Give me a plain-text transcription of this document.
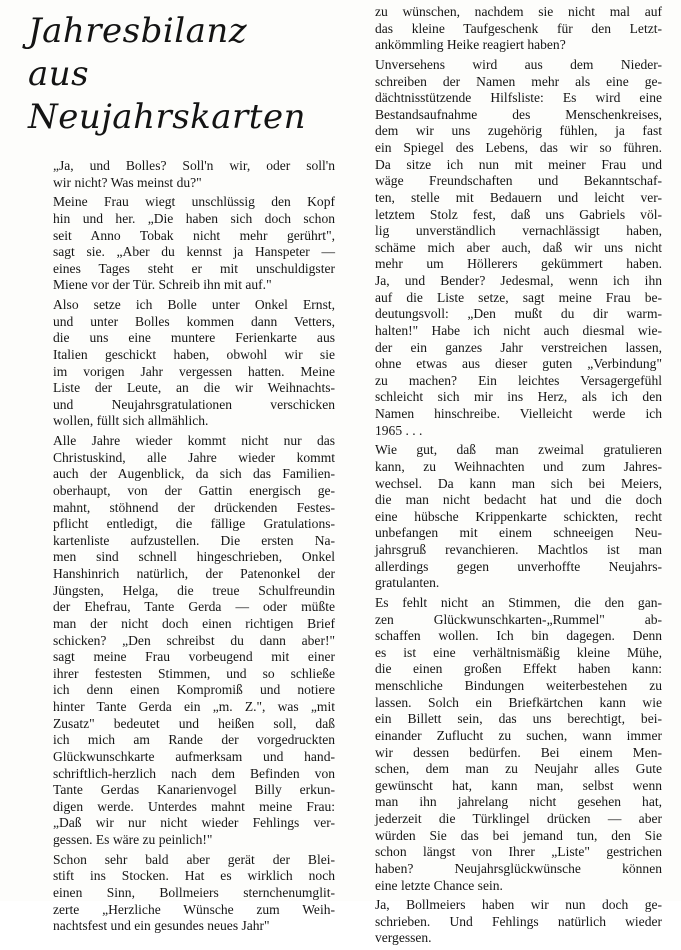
Jahresbilanz
aus Neujahrskarten
„Ja, und Bolles? Soll'n wir, oder soll'n
wir nicht? Was meinst du?"
Meine Frau wiegt unschlüssig den Kopf
hin und her. „Die haben sich doch schon
seit Anno Tobak nicht mehr gerührt",
sagt sie. „Aber du kennst ja Hanspeter —
eines Tages steht er mit unschuldigster
Miene vor der Tür. Schreib ihn mit auf."
Also setze ich Bolle unter Onkel Ernst,
und unter Bolles kommen dann Vetters,
die uns eine muntere Ferienkarte aus
Italien geschickt haben, obwohl wir sie
im vorigen Jahr vergessen hatten. Meine
Liste der Leute, an die wir Weihnachts-
und Neujahrsgratulationen verschicken
wollen, füllt sich allmählich.
Alle Jahre wieder kommt nicht nur das
Christuskind, alle Jahre wieder kommt
auch der Augenblick, da sich das Familien-
oberhaupt, von der Gattin energisch ge-
mahnt, stöhnend der drückenden Festes-
pflicht entledigt, die fällige Gratulations-
kartenliste aufzustellen. Die ersten Na-
men sind schnell hingeschrieben, Onkel
Hanshinrich natürlich, der Patenonkel der
Jüngsten, Helga, die treue Schulfreundin
der Ehefrau, Tante Gerda — oder müßte
man der nicht doch einen richtigen Brief
schicken? „Den schreibst du dann aber!"
sagt meine Frau vorbeugend mit einer
ihrer festesten Stimmen, und so schließe
ich denn einen Kompromiß und notiere
hinter Tante Gerda ein „m. Z.", was „mit
Zusatz" bedeutet und heißen soll, daß
ich mich am Rande der vorgedruckten
Glückwunschkarte aufmerksam und hand-
schriftlich-herzlich nach dem Befinden von
Tante Gerdas Kanarienvogel Billy erkun-
digen werde. Unterdes mahnt meine Frau:
„Daß wir nur nicht wieder Fehlings ver-
gessen. Es wäre zu peinlich!"
Schon sehr bald aber gerät der Blei-
stift ins Stocken. Hat es wirklich noch
einen Sinn, Bollmeiers sternchenumglit-
zerte „Herzliche Wünsche zum Weih-
nachtsfest und ein gesundes neues Jahr"
zu wünschen, nachdem sie nicht mal auf
das kleine Taufgeschenk für den Letzt-
ankömmling Heike reagiert haben?
Unversehens wird aus dem Nieder-
schreiben der Namen mehr als eine ge-
dächtnisstützende Hilfsliste: Es wird eine
Bestandsaufnahme des Menschenkreises,
dem wir uns zugehörig fühlen, ja fast
ein Spiegel des Lebens, das wir so führen.
Da sitze ich nun mit meiner Frau und
wäge Freundschaften und Bekanntschaf-
ten, stelle mit Bedauern und leicht ver-
letztem Stolz fest, daß uns Gabriels völ-
lig unverständlich vernachlässigt haben,
schäme mich aber auch, daß wir uns nicht
mehr um Höllerers gekümmert haben.
Ja, und Bender? Jedesmal, wenn ich ihn
auf die Liste setze, sagt meine Frau be-
deutungsvoll: „Den mußt du dir warm-
halten!" Habe ich nicht auch diesmal wie-
der ein ganzes Jahr verstreichen lassen,
ohne etwas aus dieser guten „Verbindung"
zu machen? Ein leichtes Versagergefühl
schleicht sich mir ins Herz, als ich den
Namen hinschreibe. Vielleicht werde ich
1965 . . .
Wie gut, daß man zweimal gratulieren
kann, zu Weihnachten und zum Jahres-
wechsel. Da kann man sich bei Meiers,
die man nicht bedacht hat und die doch
eine hübsche Krippenkarte schickten, recht
unbefangen mit einem schneeigen Neu-
jahrsgruß revanchieren. Machtlos ist man
allerdings gegen unverhoffte Neujahrs-
gratulanten.
Es fehlt nicht an Stimmen, die den gan-
zen Glückwunschkarten-„Rummel" ab-
schaffen wollen. Ich bin dagegen. Denn
es ist eine verhältnismäßig kleine Mühe,
die einen großen Effekt haben kann:
menschliche Bindungen weiterbestehen zu
lassen. Solch ein Briefkärtchen kann wie
ein Billett sein, das uns berechtigt, bei-
einander Zuflucht zu suchen, wann immer
wir dessen bedürfen. Bei einem Men-
schen, dem man zu Neujahr alles Gute
gewünscht hat, kann man, selbst wenn
man ihn jahrelang nicht gesehen hat,
jederzeit die Türklingel drücken — aber
würden Sie das bei jemand tun, den Sie
schon längst von Ihrer „Liste" gestrichen
haben? Neujahrsglückwünsche können
eine letzte Chance sein.
Ja, Bollmeiers haben wir nun doch ge-
schrieben. Und Fehlings natürlich wieder
vergessen.
